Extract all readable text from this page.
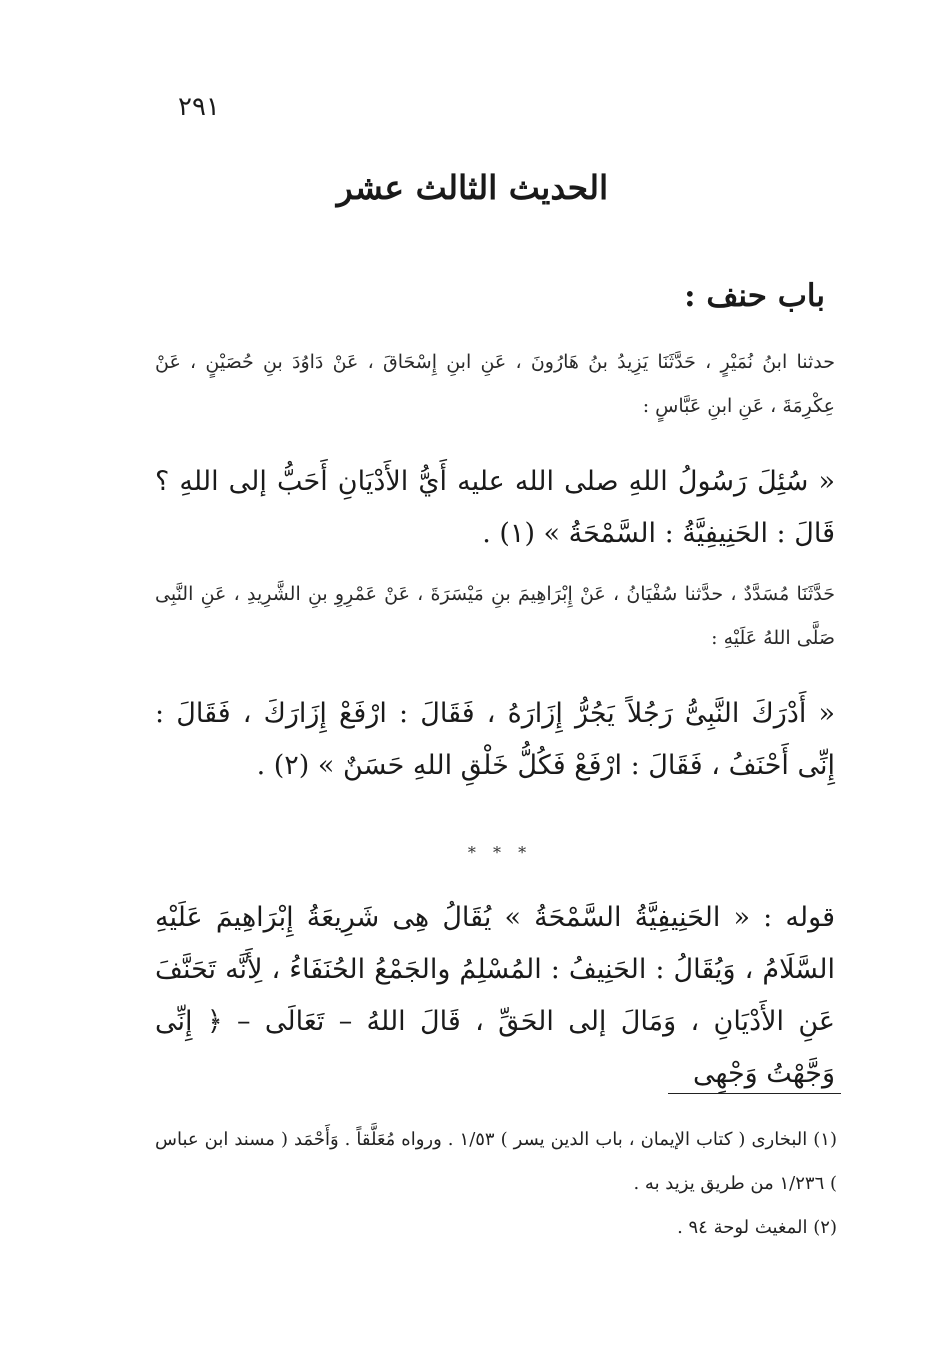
٢٩١
الحديث الثالث عشر
باب حنف :

حدثنا ابنُ نُمَيْرٍ ، حَدَّثَنَا يَزِيدُ بنُ هَارُونَ ، عَنِ ابنِ إِسْحَاقَ ، عَنْ دَاوُدَ بنِ حُصَيْنٍ ، عَنْ عِكْرِمَةَ ، عَنِ ابنِ عَبَّاسٍ :

« سُئِلَ رَسُولُ اللهِ صلى الله عليه أَيُّ الأَدْيَانِ أَحَبُّ إلى اللهِ ؟ قَالَ : الحَنِيفِيَّةُ : السَّمْحَةُ » (١) .

حَدَّثَنَا مُسَدَّدٌ ، حدَّثنا سُفْيَانُ ، عَنْ إِبْرَاهِيمَ بنِ مَيْسَرَةَ ، عَنْ عَمْرِوِ بنِ الشَّرِيدِ ، عَنِ النَّبِى صَلَّى اللهُ عَلَيْهِ :

« أَدْرَكَ النَّبِىُّ رَجُلاً يَجُرُّ إِزَارَهُ ، فَقَالَ : ارْفَعْ إِزَارَكَ ، فَقَالَ : إِنِّى أَحْنَفُ ، فَقَالَ : ارْفَعْ فَكُلُّ خَلْقِ اللهِ حَسَنٌ » (٢) .

* * *

قوله : « الحَنِيفِيَّةُ السَّمْحَةُ » يُقَالُ هِى شَرِيعَةُ إِبْرَاهِيمَ عَلَيْهِ السَّلَامُ ، وَيُقَالُ : الحَنِيفُ : المُسْلِمُ والجَمْعُ الحُنَفَاءُ ، لِأَنَّه تَحَنَّفَ عَنِ الأَدْيَانِ ، وَمَالَ إلى الحَقِّ ، قَالَ اللهُ – تَعَالَى – ﴿ إِنِّى وَجَّهْتُ وَجْهِى

(١) البخارى ( كتاب الإيمان ، باب الدين يسر ) ١/٥٣ . ورواه مُعَلَّقاً . وَأَحْمَد ( مسند ابن عباس ) ١/٢٣٦ من طريق يزيد به .

(٢) المغيث لوحة ٩٤ .
